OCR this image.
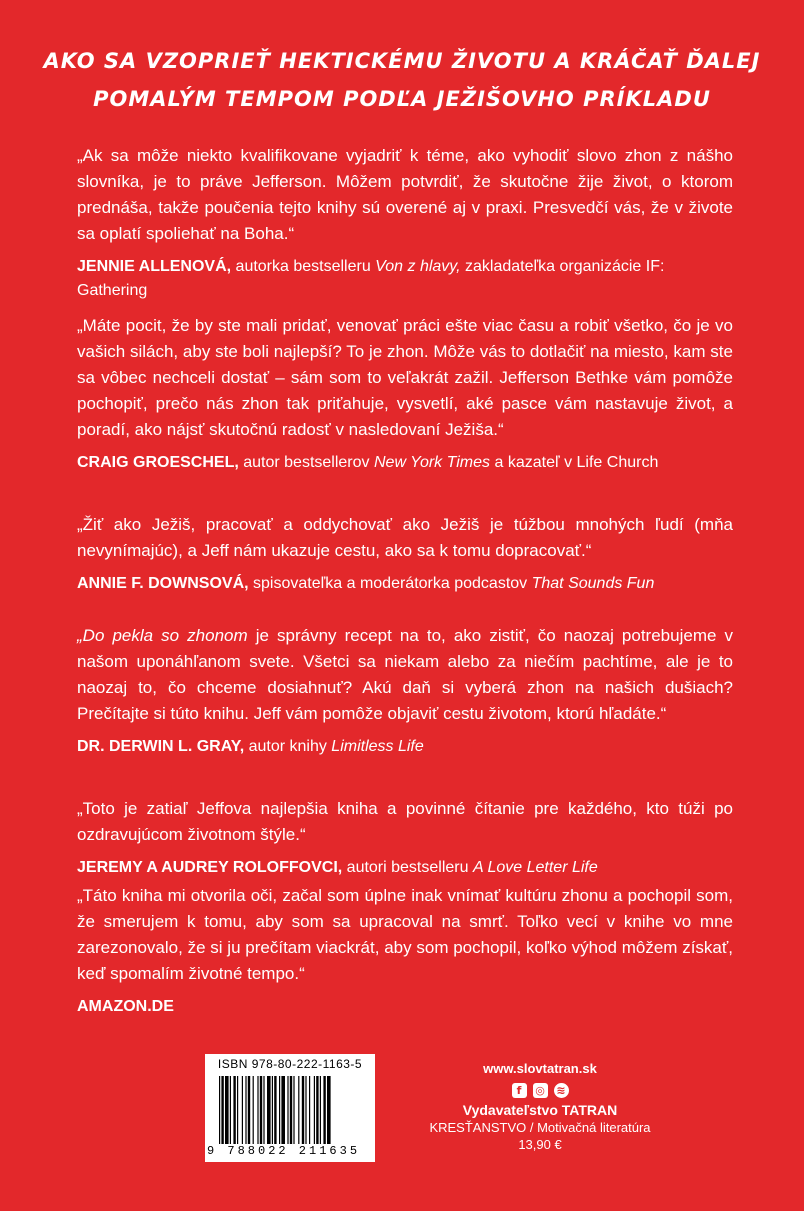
AKO SA VZOPRIEŤ HEKTICKÉMU ŽIVOTU A KRÁČAŤ ĎALEJ
POMALÝM TEMPOM PODĽA JEŽIŠOVHO PRÍKLADU

„Ak sa môže niekto kvalifikovane vyjadriť k téme, ako vyhodiť slovo zhon z nášho slovníka, je to práve Jefferson. Môžem potvrdiť, že skutočne žije život, o ktorom prednáša, takže poučenia tejto knihy sú overené aj v praxi. Presvedčí vás, že v živote sa oplatí spoliehať na Boha.“

JENNIE ALLENOVÁ, autorka bestselleru Von z hlavy, zakladateľka organizácie IF: Gathering

„Máte pocit, že by ste mali pridať, venovať práci ešte viac času a robiť všetko, čo je vo vašich silách, aby ste boli najlepší? To je zhon. Môže vás to dotlačiť na miesto, kam ste sa vôbec nechceli dostať – sám som to veľakrát zažil. Jefferson Bethke vám pomôže pochopiť, prečo nás zhon tak priťahuje, vysvetlí, aké pasce vám nastavuje život, a poradí, ako nájsť skutočnú radosť v nasledovaní Ježiša.“

CRAIG GROESCHEL, autor bestsellerov New York Times a kazateľ v Life Church

„Žiť ako Ježiš, pracovať a oddychovať ako Ježiš je túžbou mnohých ľudí (mňa nevynímajúc), a Jeff nám ukazuje cestu, ako sa k tomu dopracovať.“

ANNIE F. DOWNSOVÁ, spisovateľka a moderátorka podcastov That Sounds Fun

„Do pekla so zhonom je správny recept na to, ako zistiť, čo naozaj potrebujeme v našom uponáhľanom svete. Všetci sa niekam alebo za niečím pachtíme, ale je to naozaj to, čo chceme dosiahnuť? Akú daň si vyberá zhon na našich dušiach? Prečítajte si túto knihu. Jeff vám pomôže objaviť cestu životom, ktorú hľadáte.“

DR. DERWIN L. GRAY, autor knihy Limitless Life

„Toto je zatiaľ Jeffova najlepšia kniha a povinné čítanie pre každého, kto túži po ozdravujúcom životnom štýle.“

JEREMY A AUDREY ROLOFFOVCI, autori bestselleru A Love Letter Life

„Táto kniha mi otvorila oči, začal som úplne inak vnímať kultúru zhonu a pochopil som, že smerujem k tomu, aby som sa upracoval na smrť. Toľko vecí v knihe vo mne zarezonovalo, že si ju prečítam viackrát, aby som pochopil, koľko výhod môžem získať, keď spomalím životné tempo.“

AMAZON.DE

ISBN 978-80-222-1163-5
9 788022 211635
www.slovtatran.sk
f	◎ ≋
Vydavateľstvo TATRAN
KRESŤANSTVO / Motivačná literatúra
13,90 €
